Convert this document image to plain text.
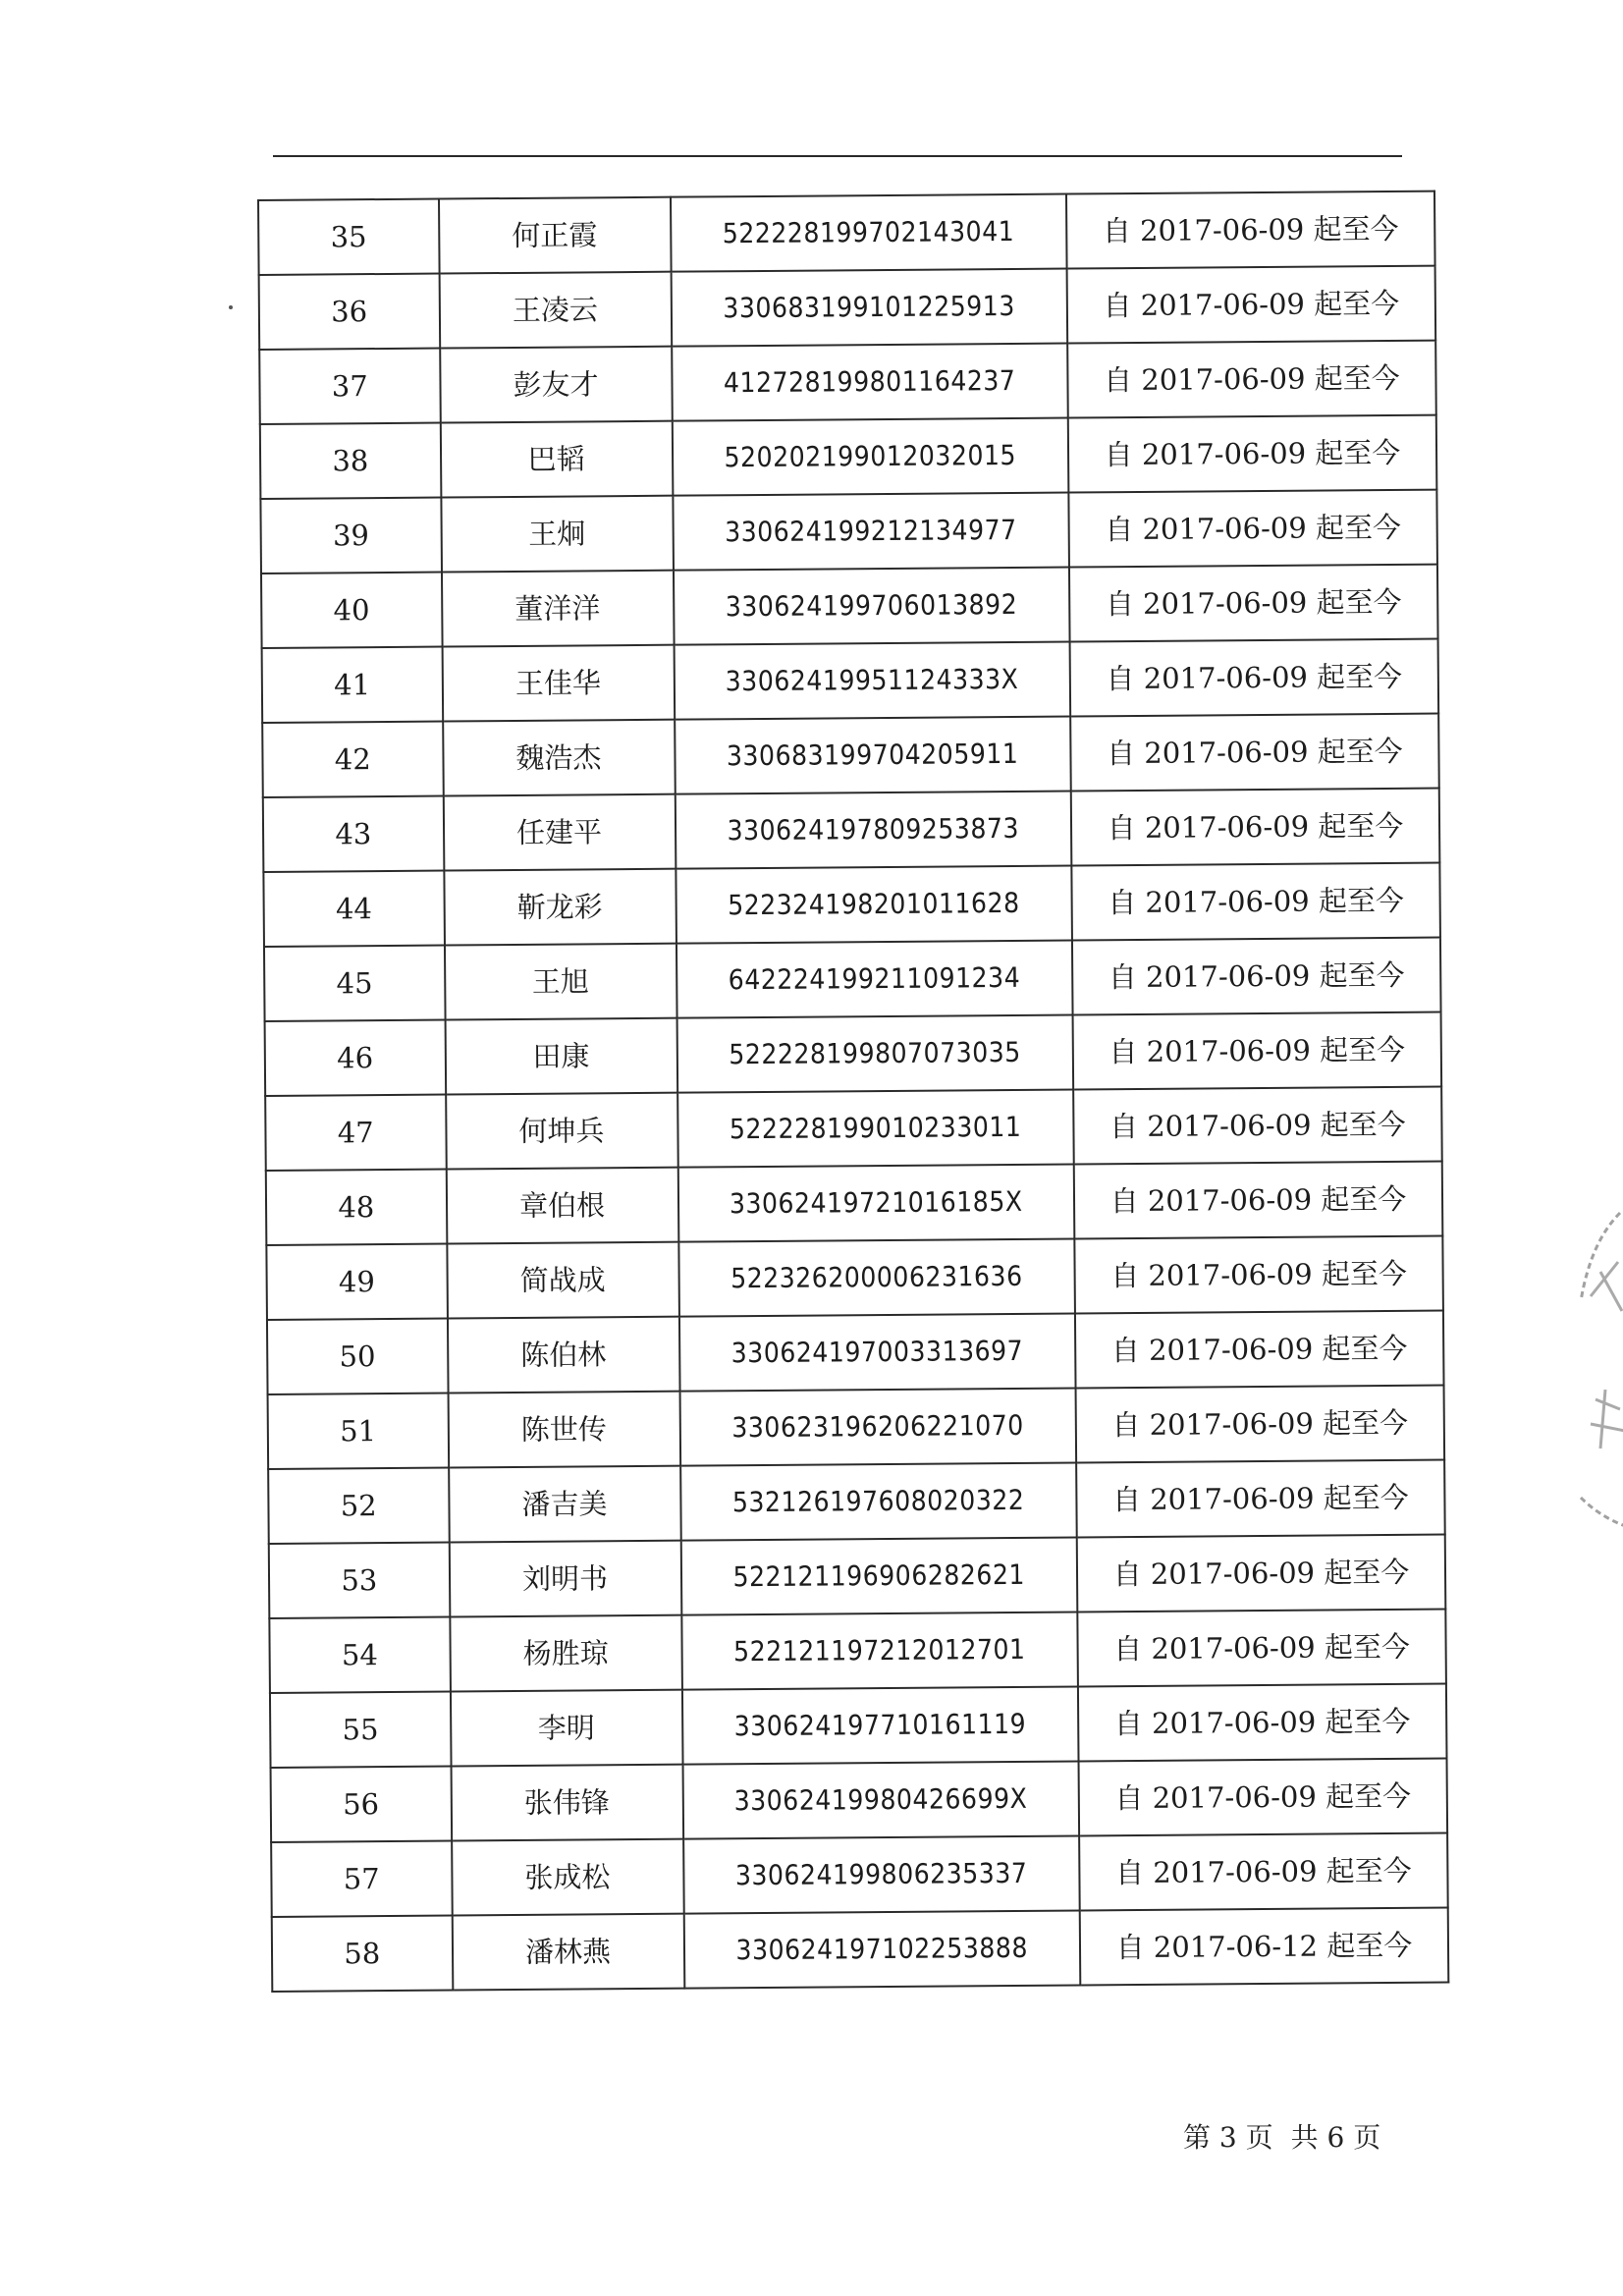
35	何正霞	522228199702143041	自 2017-06-09 起至今
36	王凌云	330683199101225913	自 2017-06-09 起至今
37	彭友才	412728199801164237	自 2017-06-09 起至今
38	巴韬	520202199012032015	自 2017-06-09 起至今
39	王炯	330624199212134977	自 2017-06-09 起至今
40	董洋洋	330624199706013892	自 2017-06-09 起至今
41	王佳华	33062419951124333X	自 2017-06-09 起至今
42	魏浩杰	330683199704205911	自 2017-06-09 起至今
43	任建平	330624197809253873	自 2017-06-09 起至今
44	靳龙彩	522324198201011628	自 2017-06-09 起至今
45	王旭	642224199211091234	自 2017-06-09 起至今
46	田康	522228199807073035	自 2017-06-09 起至今
47	何坤兵	522228199010233011	自 2017-06-09 起至今
48	章伯根	33062419721016185X	自 2017-06-09 起至今
49	简战成	522326200006231636	自 2017-06-09 起至今
50	陈伯林	330624197003313697	自 2017-06-09 起至今
51	陈世传	330623196206221070	自 2017-06-09 起至今
52	潘吉美	532126197608020322	自 2017-06-09 起至今
53	刘明书	522121196906282621	自 2017-06-09 起至今
54	杨胜琼	522121197212012701	自 2017-06-09 起至今
55	李明	330624197710161119	自 2017-06-09 起至今
56	张伟锋	33062419980426699X	自 2017-06-09 起至今
57	张成松	330624199806235337	自 2017-06-09 起至今
58	潘林燕	330624197102253888	自 2017-06-12 起至今
第 3 页 共 6 页
